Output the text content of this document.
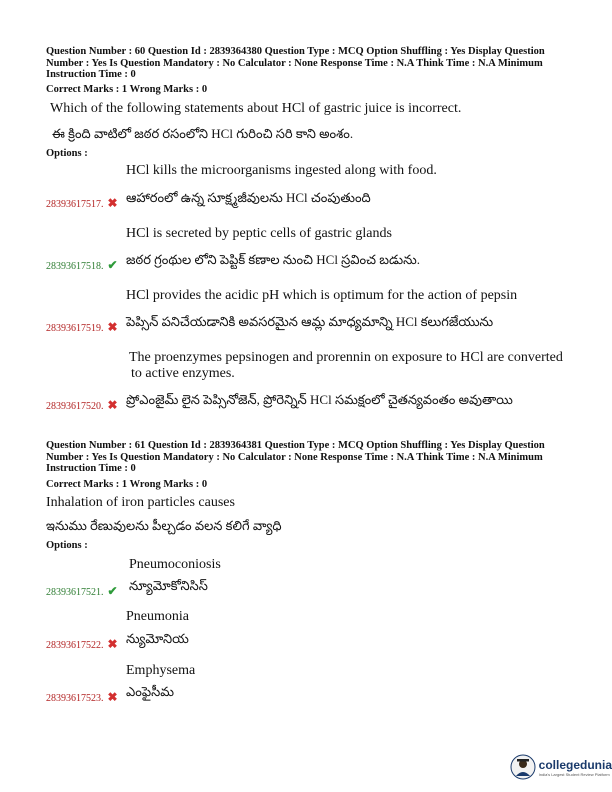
Question Number : 60 Question Id : 2839364380 Question Type : MCQ Option Shuffling : Yes Display Question
Number : Yes Is Question Mandatory : No Calculator : None Response Time : N.A Think Time : N.A Minimum
Instruction Time : 0
Correct Marks : 1 Wrong Marks : 0
Which of the following statements about HCl of gastric juice is incorrect.
ఈ క్రింది వాటిలో జఠర రసంలోని HCl గురించి సరి కాని అంశం.
Options :
HCl kills the microorganisms ingested along with food.
28393617517. ✖ ఆహారంలో ఉన్న సూక్ష్మజీవులను HCl చంపుతుంది
HCl is secreted by peptic cells of gastric glands
28393617518. ✔ జఠర గ్రంథుల లోని పెప్టిక్ కణాల నుంచి HCl స్రవించ బడును.
HCl provides the acidic pH which is optimum for the action of pepsin
28393617519. ✖ పెప్సిన్ పనిచేయడానికి అవసరమైన ఆమ్ల మాధ్యమాన్ని HCl కలుగజేయును
The proenzymes pepsinogen and prorennin on exposure to HCl are converted
to active enzymes.
28393617520. ✖ ప్రోఎంజైమ్ లైన పెప్సినోజెన్, ప్రోరెన్నిన్ HCl సమక్షంలో చైతన్యవంతం అవుతాయి
Question Number : 61 Question Id : 2839364381 Question Type : MCQ Option Shuffling : Yes Display Question
Number : Yes Is Question Mandatory : No Calculator : None Response Time : N.A Think Time : N.A Minimum
Instruction Time : 0
Correct Marks : 1 Wrong Marks : 0
Inhalation of iron particles causes
ఇనుము రేణువులను పీల్చడం వలన కలిగే వ్యాధి
Options :
Pneumoconiosis
28393617521. ✔ న్యూమోకోనిసిస్
Pneumonia
28393617522. ✖ న్యుమోనియ
Emphysema
28393617523. ✖ ఎంఫైసీమ
collegedunia
India's Largest Student Review Platform
